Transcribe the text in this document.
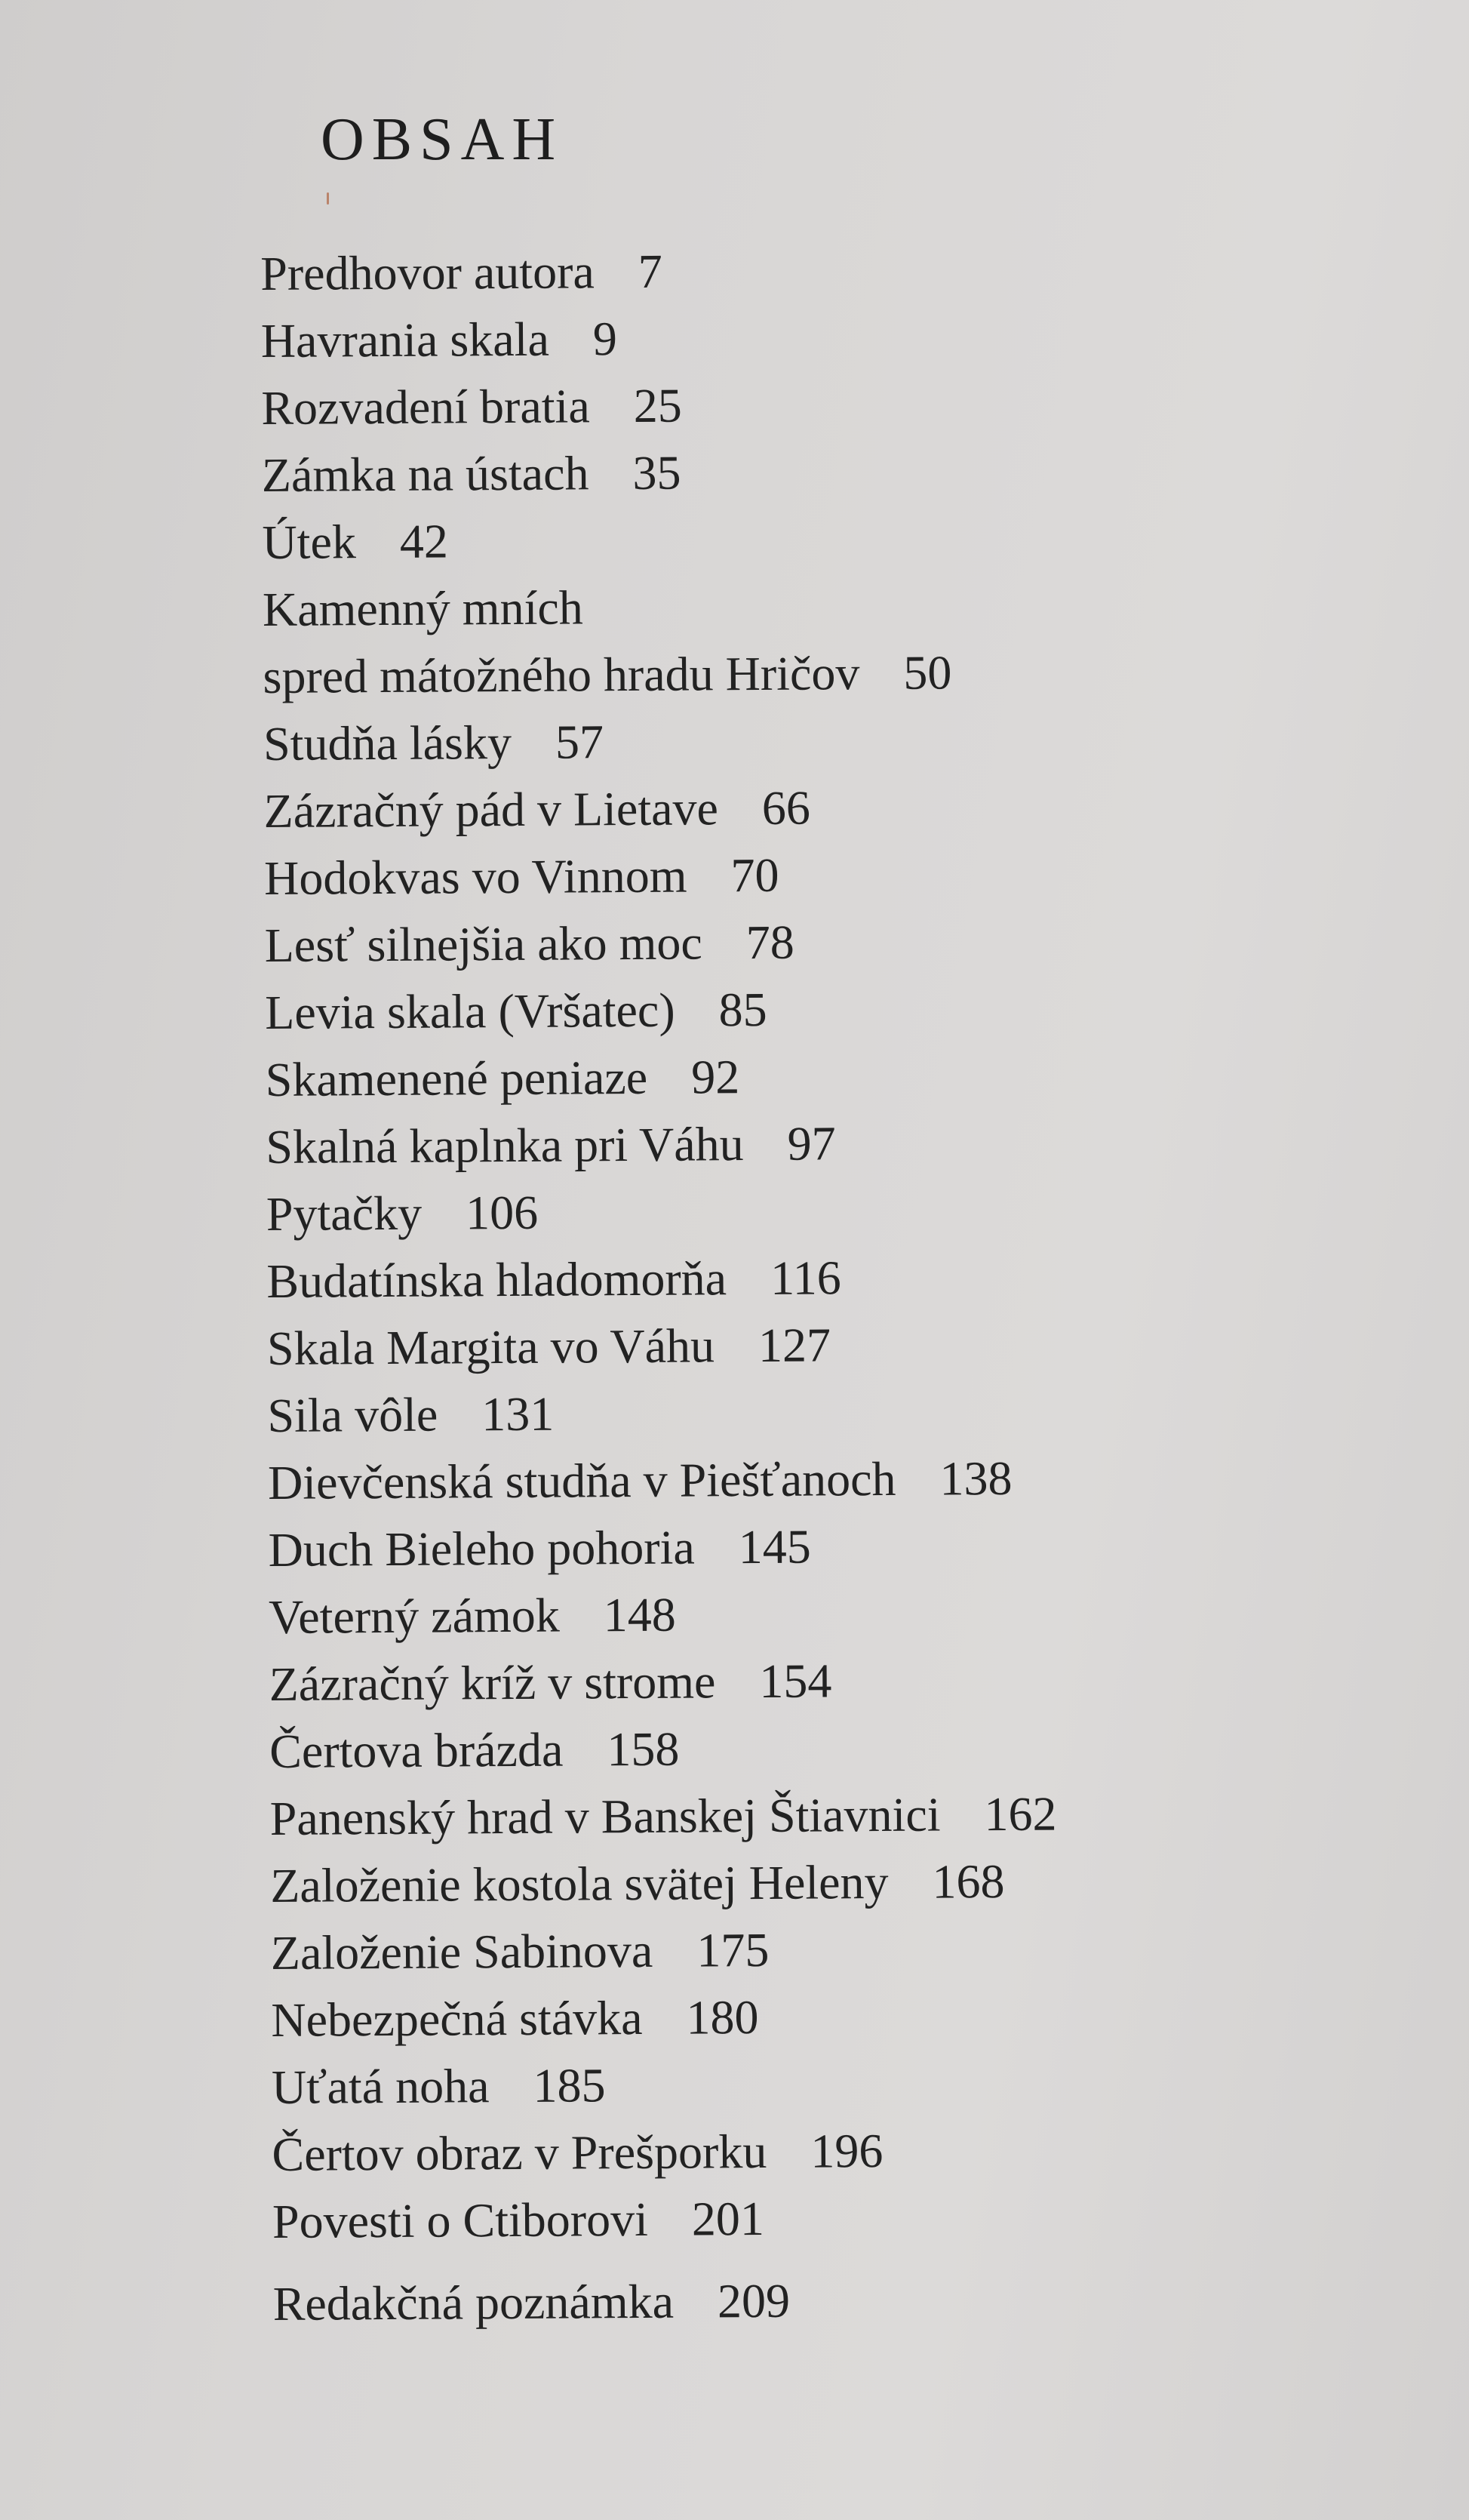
OBSAH
Predhovor autora 7
Havrania skala 9
Rozvadení bratia 25
Zámka na ústach 35
Útek 42
Kamenný mních
spred mátožného hradu Hričov 50
Studňa lásky 57
Zázračný pád v Lietave 66
Hodokvas vo Vinnom 70
Lesť silnejšia ako moc 78
Levia skala (Vršatec) 85
Skamenené peniaze 92
Skalná kaplnka pri Váhu 97
Pytačky 106
Budatínska hladomorňa 116
Skala Margita vo Váhu 127
Sila vôle 131
Dievčenská studňa v Piešťanoch 138
Duch Bieleho pohoria 145
Veterný zámok 148
Zázračný kríž v strome 154
Čertova brázda 158
Panenský hrad v Banskej Štiavnici 162
Založenie kostola svätej Heleny 168
Založenie Sabinova 175
Nebezpečná stávka 180
Uťatá noha 185
Čertov obraz v Prešporku 196
Povesti o Ctiborovi 201
Redakčná poznámka 209
